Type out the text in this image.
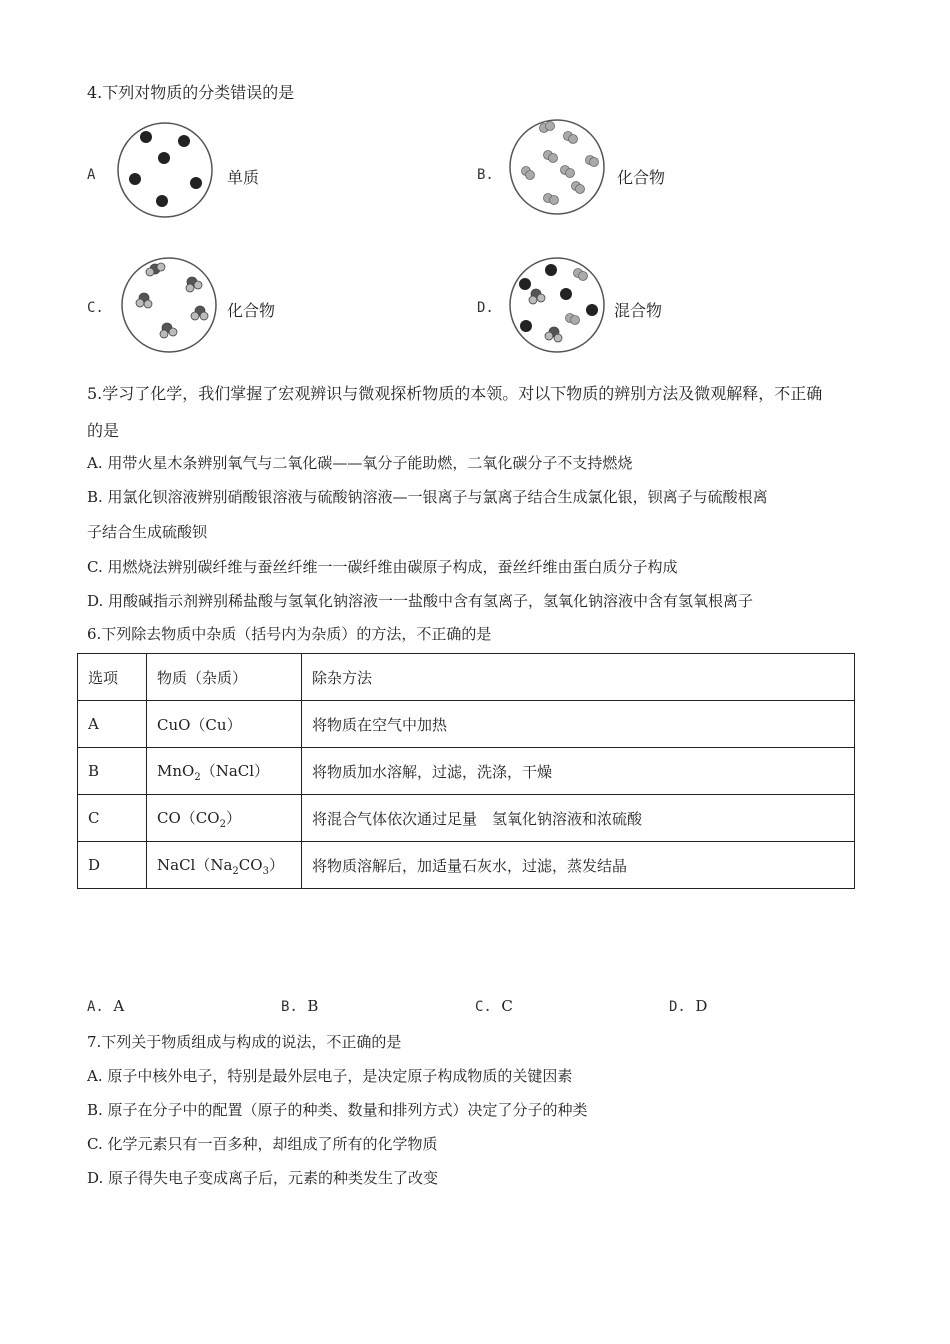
4.下列对物质的分类错误的是
A	单质	B.	化合物
C.	化合物	D.	混合物
5.学习了化学，我们掌握了宏观辨识与微观探析物质的本领。对以下物质的辨别方法及微观解释，不正确
的是
A. 用带火星木条辨别氧气与二氧化碳——氧分子能助燃，二氧化碳分子不支持燃烧
B. 用氯化钡溶液辨别硝酸银溶液与硫酸钠溶液—一银离子与氯离子结合生成氯化银，钡离子与硫酸根离
子结合生成硫酸钡
C. 用燃烧法辨别碳纤维与蚕丝纤维一一碳纤维由碳原子构成，蚕丝纤维由蛋白质分子构成
D. 用酸碱指示剂辨别稀盐酸与氢氧化钠溶液一一盐酸中含有氢离子，氢氧化钠溶液中含有氢氧根离子
6.下列除去物质中杂质（括号内为杂质）的方法，不正确的是
选项	物质（杂质）	除杂方法
A	CuO（Cu）	将物质在空气中加热
B	MnO$_2$（NaCl）	将物质加水溶解，过滤，洗涤，干燥
C	$CO(CO_2)$	将混合气体依次通过足量　氢氧化钠溶液和浓硫酸
D	$NaCl(Na_2CO_3)$	将物质溶解后，加适量石灰水，过滤，蒸发结晶
A. A	B. B	C. C	D. D
7.下列关于物质组成与构成的说法，不正确的是
A. 原子中核外电子，特别是最外层电子，是决定原子构成物质的关键因素
B. 原子在分子中的配置（原子的种类、数量和排列方式）决定了分子的种类
C. 化学元素只有一百多种，却组成了所有的化学物质
D. 原子得失电子变成离子后，元素的种类发生了改变
